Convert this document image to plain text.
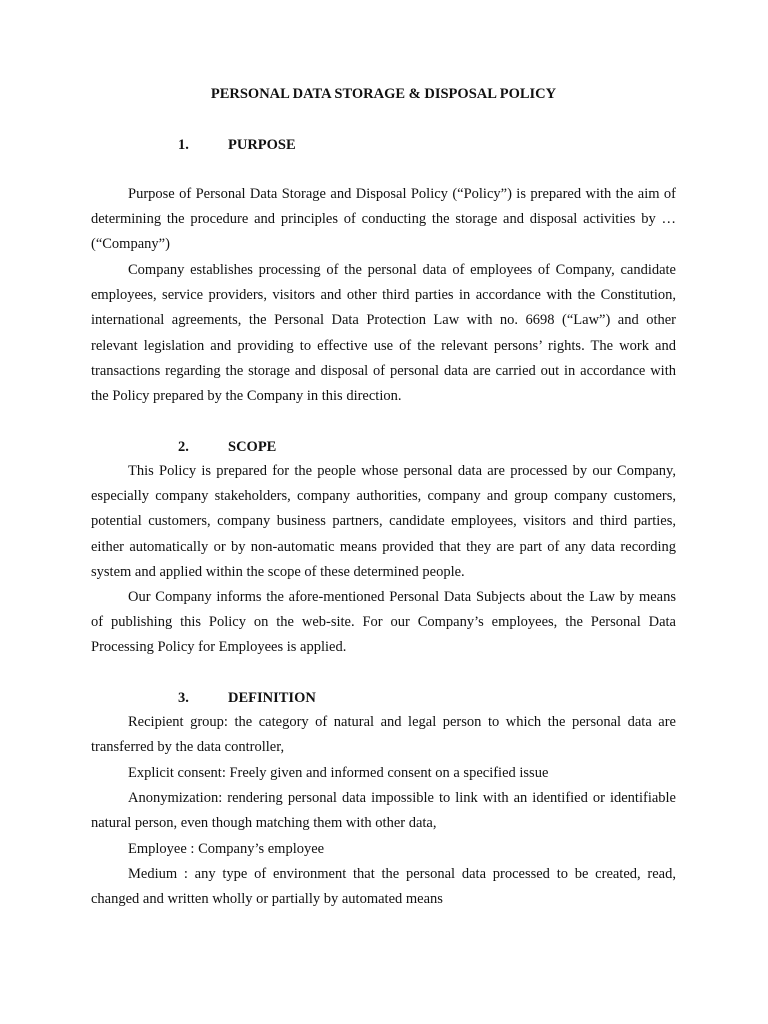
PERSONAL DATA STORAGE & DISPOSAL POLICY
1.	PURPOSE

Purpose of Personal Data Storage and Disposal Policy (“Policy”) is prepared with the aim of determining the procedure and principles of conducting the storage and disposal activities by … (“Company”)

Company establishes processing of the personal data of employees of Company, candidate employees, service providers, visitors and other third parties in accordance with the Constitution, international agreements, the Personal Data Protection Law with no. 6698 (“Law”) and other relevant legislation and providing to effective use of the relevant persons’ rights. The work and transactions regarding the storage and disposal of personal data are carried out in accordance with the Policy prepared by the Company in this direction.

2.	SCOPE

This Policy is prepared for the people whose personal data are processed by our Company, especially company stakeholders, company authorities, company and group company customers, potential customers, company business partners, candidate employees, visitors and third parties, either automatically or by non-automatic means provided that they are part of any data recording system and applied within the scope of these determined people.

Our Company informs the afore-mentioned Personal Data Subjects about the Law by means of publishing this Policy on the web-site. For our Company’s employees, the Personal Data Processing Policy for Employees is applied.

3.	DEFINITION

Recipient group: the category of natural and legal person to which the personal data are transferred by the data controller,

Explicit consent: Freely given and informed consent on a specified issue

Anonymization: rendering personal data impossible to link with an identified or identifiable natural person, even though matching them with other data,

Employee : Company’s employee

Medium : any type of environment that the personal data processed to be created, read, changed and written wholly or partially by automated means
